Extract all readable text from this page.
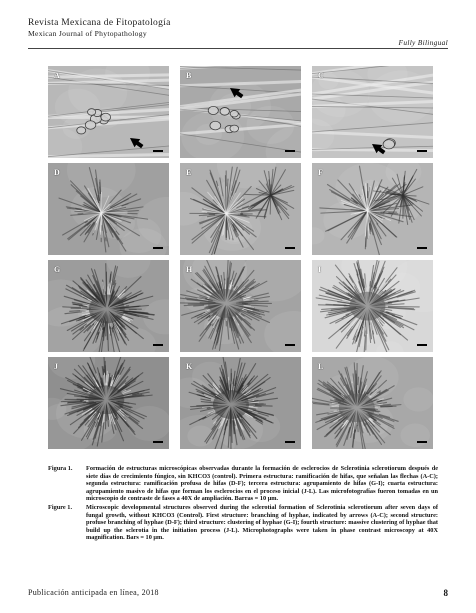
Revista Mexicana de Fitopatología
Mexican Journal of Phytopathology
Fully Bilingual
A	B	C
D	E	F
G	H	I
J	K	L
Figura 1.	Formación de estructuras microscópicas observadas durante la formación de esclerocios de Sclerotinia sclerotiorum después de siete días de crecimiento fúngico, sin KHCO3 (control). Primera estructura: ramificación de hifas, que señalan las flechas (A-C); segunda estructura: ramificación profusa de hifas (D-F); tercera estructura: agrupamiento de hifas (G-I); cuarta estructura: agrupamiento masivo de hifas que forman los esclerocios en el proceso inicial (J-L). Las microfotografías fueron tomadas en un microscopio de contraste de fases a 40X de ampliación. Barras = 10 μm.
Figure 1.	Microscopic developmental structures observed during the sclerotial formation of Sclerotinia sclerotiorum after seven days of fungal growth, without KHCO3 (Control). First structure: branching of hyphae, indicated by arrows (A-C); second structure: profuse branching of hyphae (D-F); third structure: clustering of hyphae (G-I); fourth structure: massive clustering of hyphae that build up the sclerotia in the initiation process (J-L). Microphotographs were taken in phase contrast microscopy at 40X magnification. Bars = 10 μm.
Publicación anticipada en línea, 2018	8
